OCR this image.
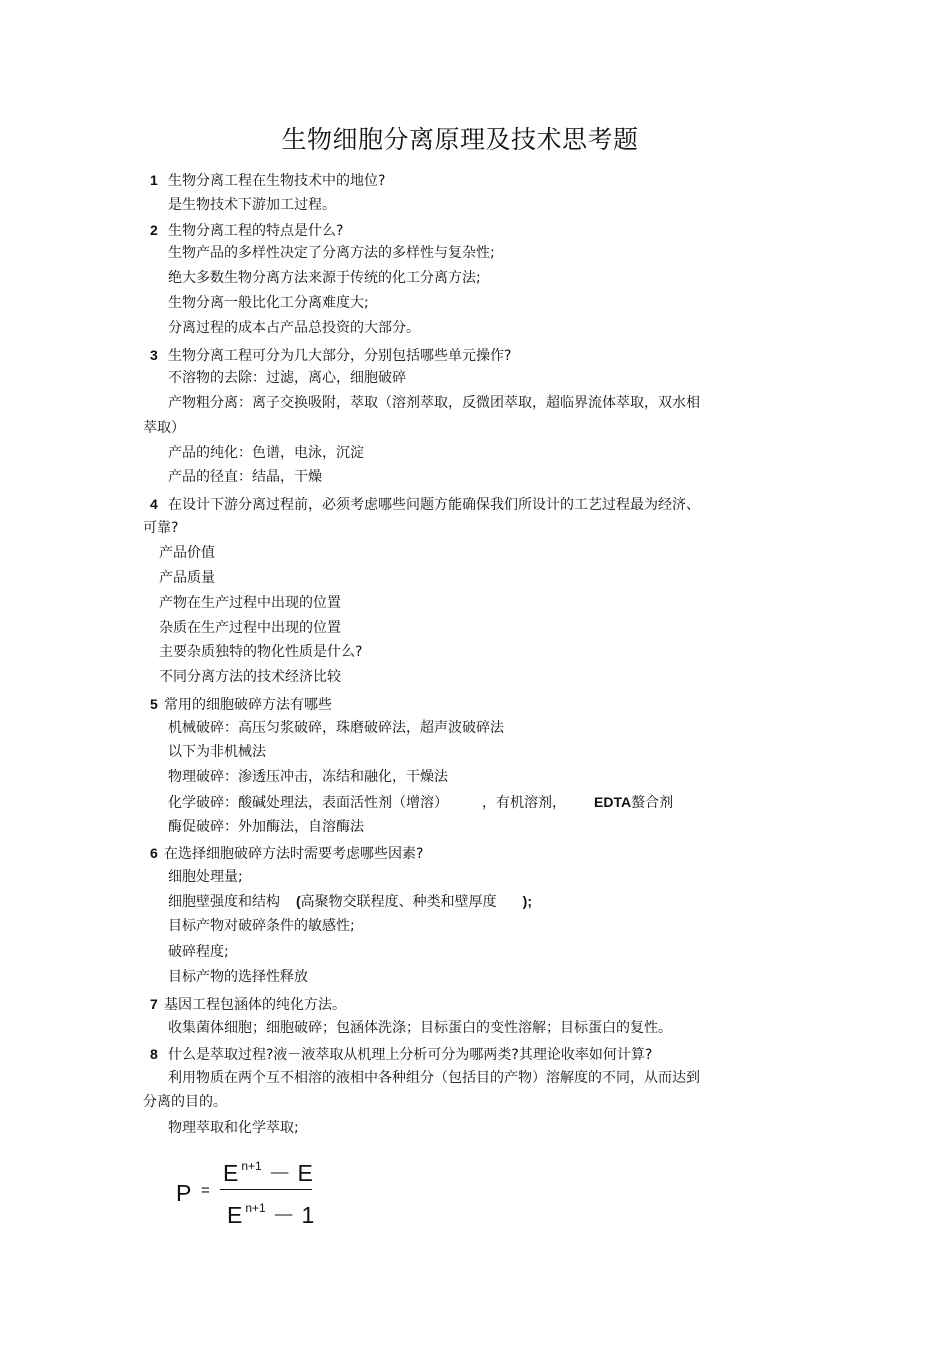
生物细胞分离原理及技术思考题
1 生物分离工程在生物技术中的地位?
是生物技术下游加工过程。
2 生物分离工程的特点是什么?
生物产品的多样性决定了分离方法的多样性与复杂性;
绝大多数生物分离方法来源于传统的化工分离方法;
生物分离一般比化工分离难度大;
分离过程的成本占产品总投资的大部分。
3 生物分离工程可分为几大部分，分别包括哪些单元操作?
不溶物的去除：过滤，离心，细胞破碎
产物粗分离：离子交换吸附，萃取（溶剂萃取，反微团萃取，超临界流体萃取，双水相
萃取）
产品的纯化：色谱，电泳，沉淀
产品的径直：结晶，干燥
4 在设计下游分离过程前，必须考虑哪些问题方能确保我们所设计的工艺过程最为经济、
可靠?
产品价值
产品质量
产物在生产过程中出现的位置
杂质在生产过程中出现的位置
主要杂质独特的物化性质是什么?
不同分离方法的技术经济比较
5 常用的细胞破碎方法有哪些
机械破碎：高压匀浆破碎，珠磨破碎法，超声波破碎法
以下为非机械法
物理破碎：渗透压冲击，冻结和融化，干燥法
化学破碎：酸碱处理法，表面活性剂（增溶） ，有机溶剂， EDTA螯合剂
酶促破碎：外加酶法，自溶酶法
6 在选择细胞破碎方法时需要考虑哪些因素?
细胞处理量;
细胞壁强度和结构 (高聚物交联程度、种类和壁厚度 );
目标产物对破碎条件的敏感性;
破碎程度;
目标产物的选择性释放
7 基因工程包涵体的纯化方法。
收集菌体细胞；细胞破碎；包涵体洗涤；目标蛋白的变性溶解；目标蛋白的复性。
8 什么是萃取过程?液－液萃取从机理上分析可分为哪两类?其理论收率如何计算?
利用物质在两个互不相溶的液相中各种组分（包括目的产物）溶解度的不同，从而达到
分离的目的。
物理萃取和化学萃取;
P =
E $^{n+1}$ － E
E $^{n+1}$ － 1
